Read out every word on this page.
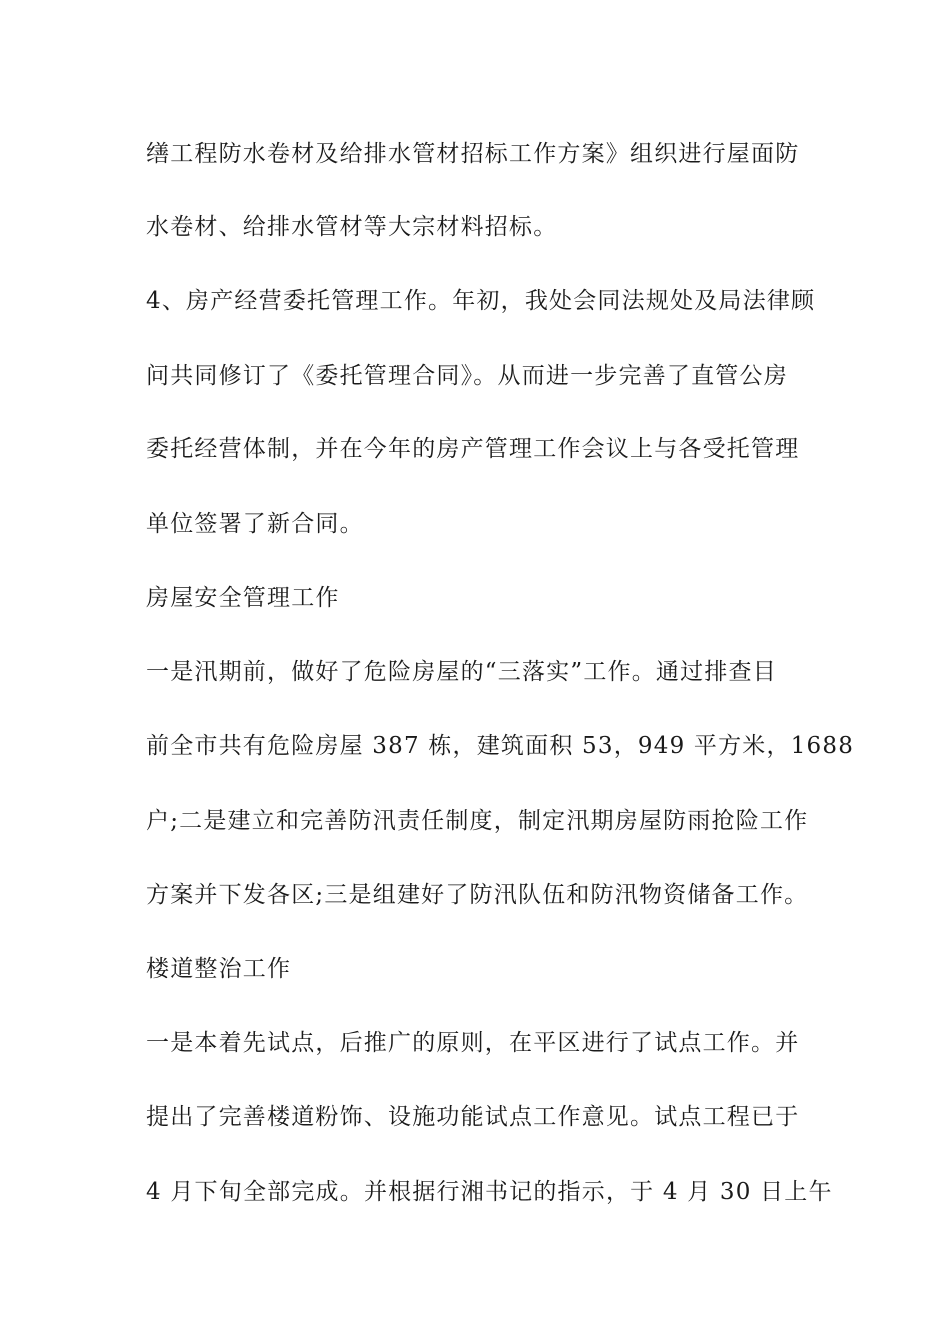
缮工程防水卷材及给排水管材招标工作方案》组织进行屋面防
水卷材、给排水管材等大宗材料招标。
4、房产经营委托管理工作。年初，我处会同法规处及局法律顾
问共同修订了《委托管理合同》。从而进一步完善了直管公房
委托经营体制，并在今年的房产管理工作会议上与各受托管理
单位签署了新合同。
房屋安全管理工作
一是汛期前，做好了危险房屋的“三落实”工作。通过排查目
前全市共有危险房屋 387 栋，建筑面积 53，949 平方米，1688
户;二是建立和完善防汛责任制度，制定汛期房屋防雨抢险工作
方案并下发各区;三是组建好了防汛队伍和防汛物资储备工作。
楼道整治工作
一是本着先试点，后推广的原则，在平区进行了试点工作。并
提出了完善楼道粉饰、设施功能试点工作意见。试点工程已于
4 月下旬全部完成。并根据行湘书记的指示，于 4 月 30 日上午
